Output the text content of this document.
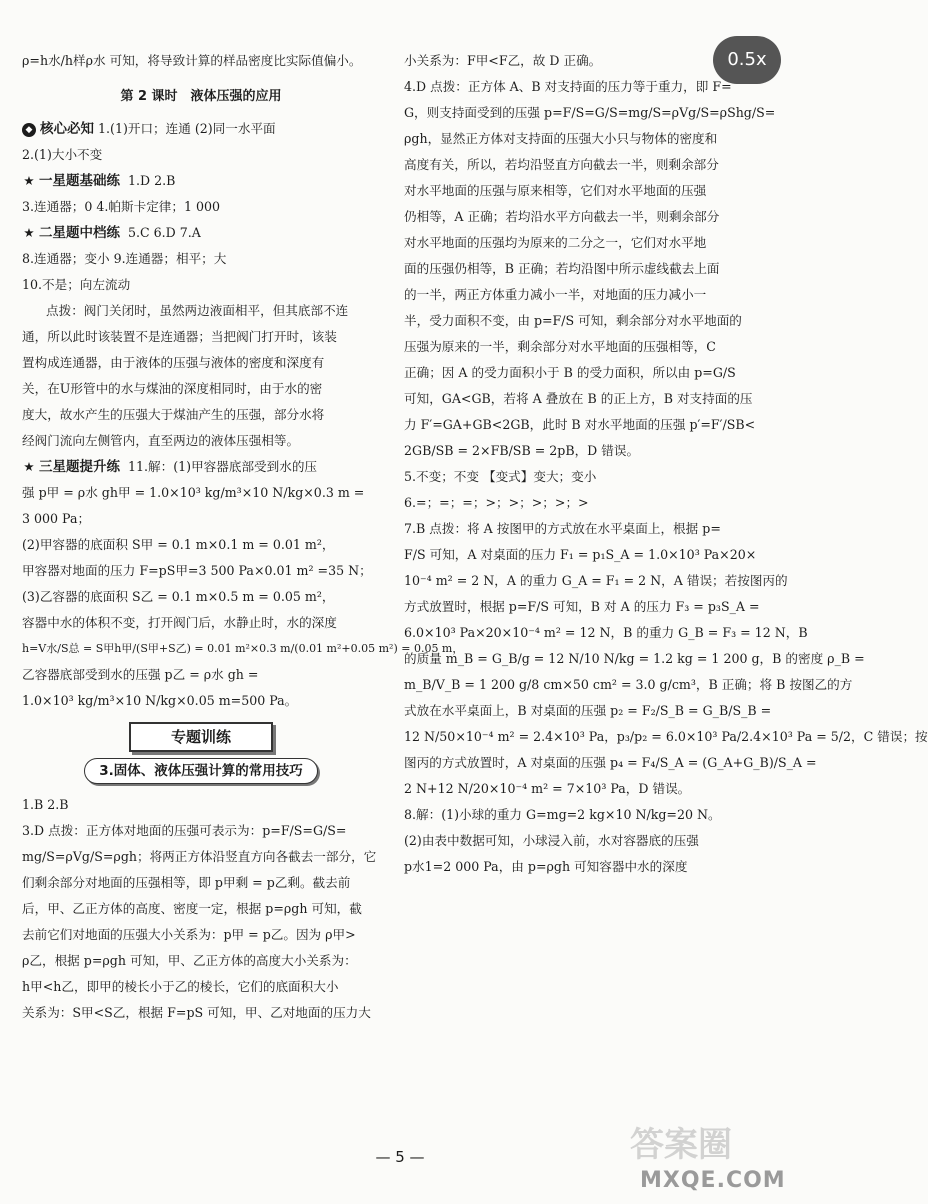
0.5x
ρ=h水/h样ρ水 可知，将导致计算的样品密度比实际值偏小。
第 2 课时　液体压强的应用
◆ 核心必知 1.(1)开口；连通 (2)同一水平面
2.(1)大小不变
★ 一星题基础练 1.D 2.B
3.连通器；0 4.帕斯卡定律；1 000
★ 二星题中档练 5.C 6.D 7.A
8.连通器；变小 9.连通器；相平；大
10.不是；向左流动
点拨：阀门关闭时，虽然两边液面相平，但其底部不连
通，所以此时该装置不是连通器；当把阀门打开时，该装
置构成连通器，由于液体的压强与液体的密度和深度有
关，在U形管中的水与煤油的深度相同时，由于水的密
度大，故水产生的压强大于煤油产生的压强，部分水将
经阀门流向左侧管内，直至两边的液体压强相等。
★ 三星题提升练 11.解：(1)甲容器底部受到水的压
强 p甲 = ρ水 gh甲 = 1.0×10³ kg/m³×10 N/kg×0.3 m =
3 000 Pa；
(2)甲容器的底面积 S甲 = 0.1 m×0.1 m = 0.01 m²，
甲容器对地面的压力 F=pS甲=3 500 Pa×0.01 m² =35 N；
(3)乙容器的底面积 S乙 = 0.1 m×0.5 m = 0.05 m²，
容器中水的体积不变，打开阀门后，水静止时，水的深度
h=V水/S总 = S甲h甲/(S甲+S乙) = 0.01 m²×0.3 m/(0.01 m²+0.05 m²) = 0.05 m，
乙容器底部受到水的压强 p乙 = ρ水 gh =
1.0×10³ kg/m³×10 N/kg×0.05 m=500 Pa。
专题训练
3.固体、液体压强计算的常用技巧
1.B 2.B
3.D 点拨：正方体对地面的压强可表示为：p=F/S=G/S=
mg/S=ρVg/S=ρgh；将两正方体沿竖直方向各截去一部分，它
们剩余部分对地面的压强相等，即 p甲剩 = p乙剩。截去前
后，甲、乙正方体的高度、密度一定，根据 p=ρgh 可知，截
去前它们对地面的压强大小关系为：p甲 = p乙。因为 ρ甲>
ρ乙，根据 p=ρgh 可知，甲、乙正方体的高度大小关系为：
h甲<h乙，即甲的棱长小于乙的棱长，它们的底面积大小
关系为：S甲<S乙，根据 F=pS 可知，甲、乙对地面的压力大
小关系为：F甲<F乙，故 D 正确。
4.D 点拨：正方体 A、B 对支持面的压力等于重力，即 F=
G，则支持面受到的压强 p=F/S=G/S=mg/S=ρVg/S=ρShg/S=
ρgh，显然正方体对支持面的压强大小只与物体的密度和
高度有关，所以，若均沿竖直方向截去一半，则剩余部分
对水平地面的压强与原来相等，它们对水平地面的压强
仍相等，A 正确；若均沿水平方向截去一半，则剩余部分
对水平地面的压强均为原来的二分之一，它们对水平地
面的压强仍相等，B 正确；若均沿图中所示虚线截去上面
的一半，两正方体重力减小一半，对地面的压力减小一
半，受力面积不变，由 p=F/S 可知，剩余部分对水平地面的
压强为原来的一半，剩余部分对水平地面的压强相等，C
正确；因 A 的受力面积小于 B 的受力面积，所以由 p=G/S
可知，GA<GB，若将 A 叠放在 B 的正上方，B 对支持面的压
力 F′=GA+GB<2GB，此时 B 对水平地面的压强 p′=F′/SB<
2GB/SB = 2×FB/SB = 2pB，D 错误。
5.不变；不变 【变式】变大；变小
6.=；=；=；>；>；>；>；>
7.B 点拨：将 A 按图甲的方式放在水平桌面上，根据 p=
F/S 可知，A 对桌面的压力 F₁ = p₁S_A = 1.0×10³ Pa×20×
10⁻⁴ m² = 2 N，A 的重力 G_A = F₁ = 2 N，A 错误；若按图丙的
方式放置时，根据 p=F/S 可知，B 对 A 的压力 F₃ = p₃S_A =
6.0×10³ Pa×20×10⁻⁴ m² = 12 N，B 的重力 G_B = F₃ = 12 N，B
的质量 m_B = G_B/g = 12 N/10 N/kg = 1.2 kg = 1 200 g，B 的密度 ρ_B =
m_B/V_B = 1 200 g/8 cm×50 cm² = 3.0 g/cm³，B 正确；将 B 按图乙的方
式放在水平桌面上，B 对桌面的压强 p₂ = F₂/S_B = G_B/S_B =
12 N/50×10⁻⁴ m² = 2.4×10³ Pa，p₃/p₂ = 6.0×10³ Pa/2.4×10³ Pa = 5/2，C 错误；按
图丙的方式放置时，A 对桌面的压强 p₄ = F₄/S_A = (G_A+G_B)/S_A =
2 N+12 N/20×10⁻⁴ m² = 7×10³ Pa，D 错误。
8.解：(1)小球的重力 G=mg=2 kg×10 N/kg=20 N。
(2)由表中数据可知，小球浸入前，水对容器底的压强
p水1=2 000 Pa，由 p=ρgh 可知容器中水的深度
— 5 —	答案圈
MXQE.COM
